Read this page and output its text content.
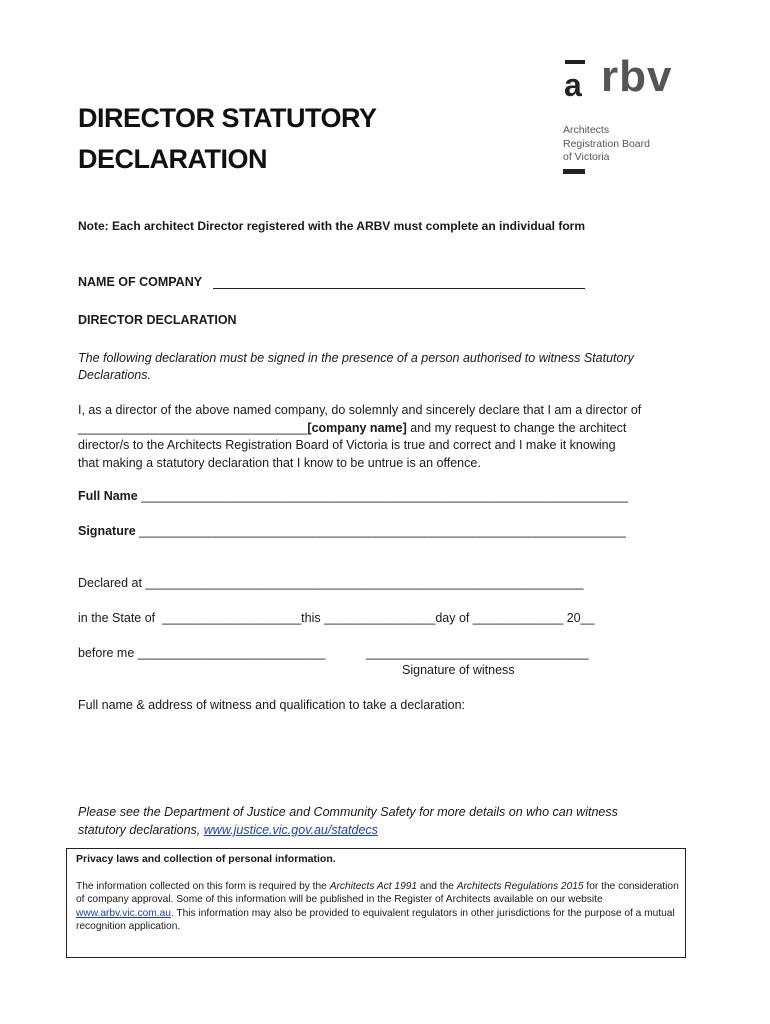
DIRECTOR STATUTORY
DECLARATION
a rbv
Architects
Registration Board
of Victoria
Note: Each architect Director registered with the ARBV must complete an individual form
NAME OF COMPANY
DIRECTOR DECLARATION
The following declaration must be signed in the presence of a person authorised to witness Statutory Declarations.
I, as a director of the above named company, do solemnly and sincerely declare that I am a director of
_________________________________[company name] and my request to change the architect
director/s to the Architects Registration Board of Victoria is true and correct and I make it knowing
that making a statutory declaration that I know to be untrue is an offence.
Full Name ______________________________________________________________________
Signature ______________________________________________________________________
Declared at _______________________________________________________________
in the State of ____________________this ________________day of _____________ 20__
before me ___________________________	________________________________
Signature of witness
Full name & address of witness and qualification to take a declaration:
Please see the Department of Justice and Community Safety for more details on who can witness
statutory declarations, www.justice.vic.gov.au/statdecs
Privacy laws and collection of personal information.
The information collected on this form is required by the Architects Act 1991 and the Architects Regulations 2015 for the consideration of company approval. Some of this information will be published in the Register of Architects available on our website www.arbv.vic.com.au. This information may also be provided to equivalent regulators in other jurisdictions for the purpose of a mutual recognition application.
